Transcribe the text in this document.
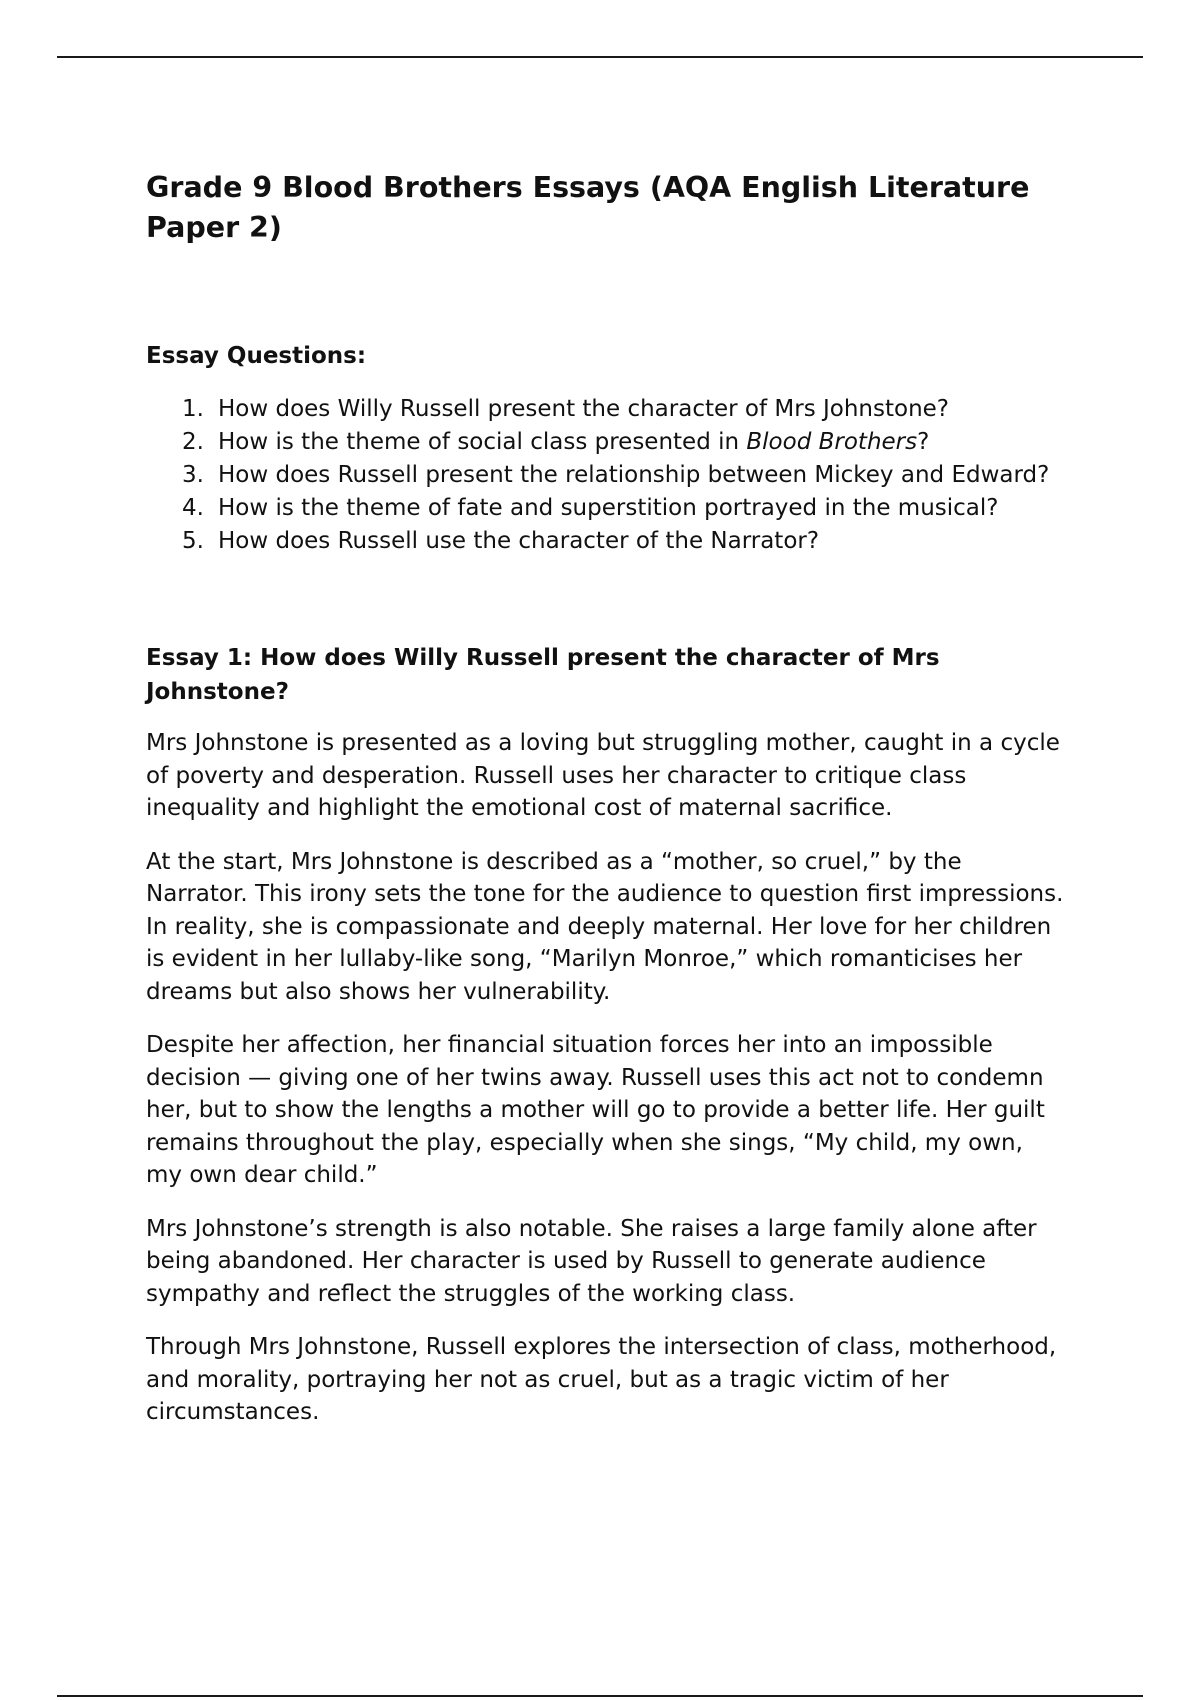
Grade 9 Blood Brothers Essays (AQA English Literature Paper 2)
Essay Questions:
1. How does Willy Russell present the character of Mrs Johnstone?
2. How is the theme of social class presented in Blood Brothers?
3. How does Russell present the relationship between Mickey and Edward?
4. How is the theme of fate and superstition portrayed in the musical?
5. How does Russell use the character of the Narrator?
Essay 1: How does Willy Russell present the character of Mrs Johnstone?

Mrs Johnstone is presented as a loving but struggling mother, caught in a cycle of poverty and desperation. Russell uses her character to critique class inequality and highlight the emotional cost of maternal sacrifice.

At the start, Mrs Johnstone is described as a “mother, so cruel,” by the Narrator. This irony sets the tone for the audience to question first impressions. In reality, she is compassionate and deeply maternal. Her love for her children is evident in her lullaby-like song, “Marilyn Monroe,” which romanticises her dreams but also shows her vulnerability.

Despite her affection, her financial situation forces her into an impossible decision — giving one of her twins away. Russell uses this act not to condemn her, but to show the lengths a mother will go to provide a better life. Her guilt remains throughout the play, especially when she sings, “My child, my own, my own dear child.”

Mrs Johnstone’s strength is also notable. She raises a large family alone after being abandoned. Her character is used by Russell to generate audience sympathy and reflect the struggles of the working class.

Through Mrs Johnstone, Russell explores the intersection of class, motherhood, and morality, portraying her not as cruel, but as a tragic victim of her circumstances.
